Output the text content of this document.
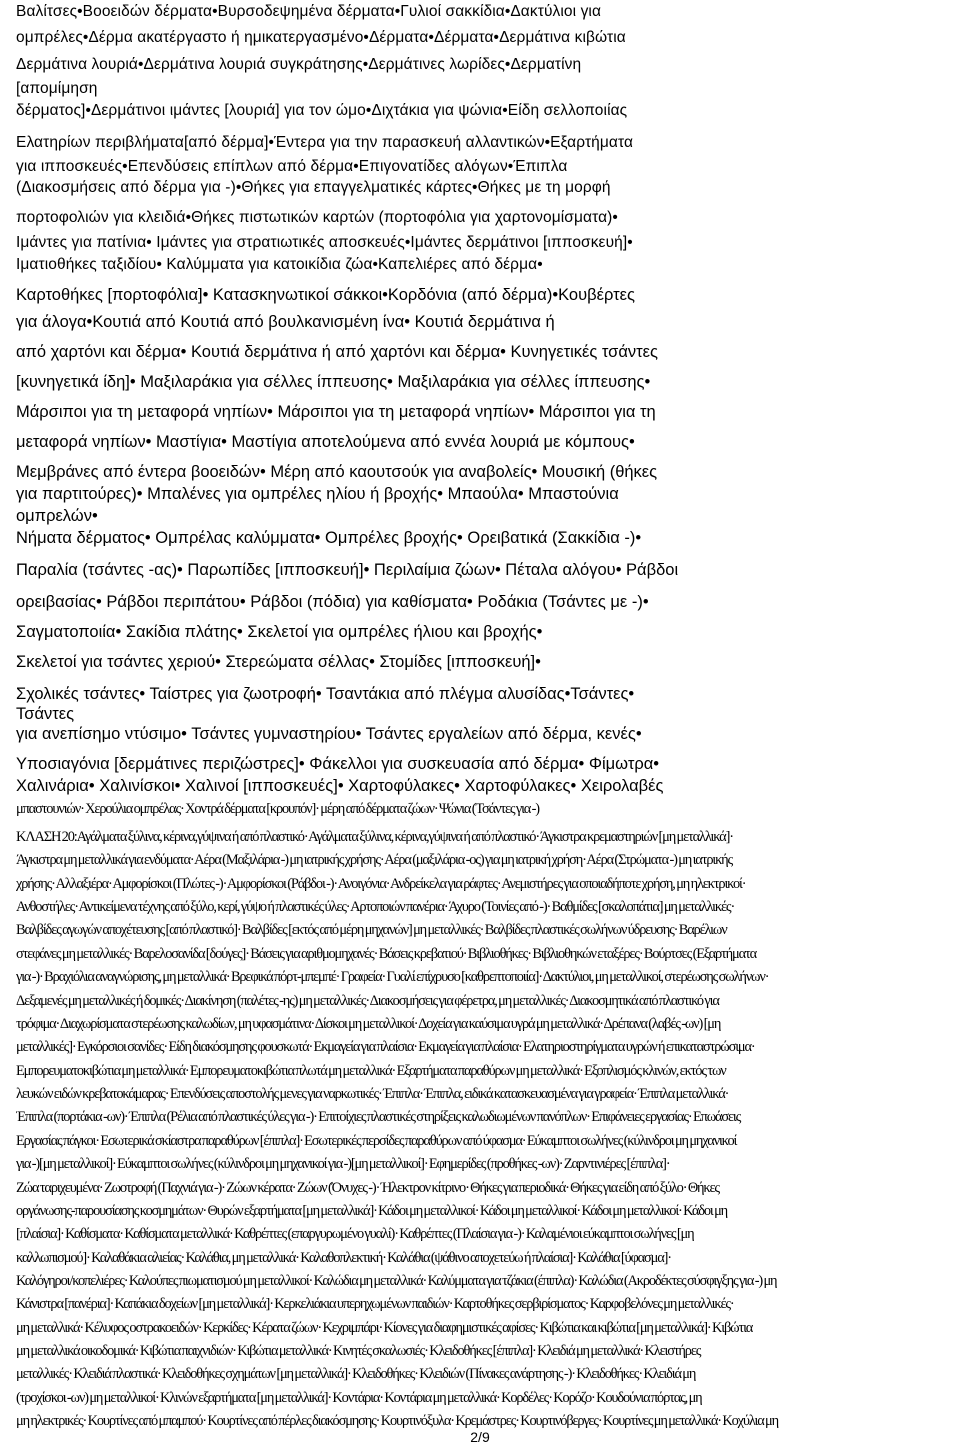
Βαλίτσες•Βοοειδών δέρματα•Βυρσοδεψημένα δέρματα•Γυλιοί σακκίδια•Δακτύλιοι για

ομπρέλες•Δέρμα ακατέργαστο ή ημικατεργασμένο•Δέρματα•Δέρματα•Δερμάτινα κιβώτια

Δερμάτινα λουριά•Δερμάτινα λουριά συγκράτησης•Δερμάτινες λωρίδες•Δερματίνη

[απομίμηση

δέρματος]•Δερμάτινοι ιμάντες [λουριά] για τον ώμο•Διχτάκια για ψώνια•Είδη σελλοποιίας

Ελατηρίων περιβλήματα[από δέρμα]•Έντερα για την παρασκευή αλλαντικών•Εξαρτήματα

για ιπποσκευές•Επενδύσεις επίπλων από δέρμα•Επιγονατίδες αλόγων•Έπιπλα

(Διακοσμήσεις από δέρμα για -)•Θήκες για επαγγελματικές κάρτες•Θήκες με τη μορφή

πορτοφολιών για κλειδιά•Θήκες πιστωτικών καρτών (πορτοφόλια για χαρτονομίσματα)•

Ιμάντες για πατίνια• Ιμάντες για στρατιωτικές αποσκευές•Ιμάντες δερμάτινοι [ιπποσκευή]•

Ιματιοθήκες ταξιδίου• Καλύμματα για κατοικίδια ζώα•Καπελιέρες από δέρμα•

Καρτοθήκες [πορτοφόλια]• Κατασκηνωτικοί σάκκοι•Κορδόνια (από δέρμα)•Κουβέρτες

για άλογα•Κουτιά από Κουτιά από βουλκανισμένη ίνα• Κουτιά δερμάτινα ή

από χαρτόνι και δέρμα• Κουτιά δερμάτινα ή από χαρτόνι και δέρμα• Κυνηγετικές τσάντες

[κυνηγετικά ίδη]• Μαξιλαράκια για σέλλες ίππευσης• Μαξιλαράκια για σέλλες ίππευσης•

Μάρσιποι για τη μεταφορά νηπίων• Μάρσιποι για τη μεταφορά νηπίων• Μάρσιποι για τη

μεταφορά νηπίων• Μαστίγια• Μαστίγια αποτελούμενα από εννέα λουριά με κόμπους•

Μεμβράνες από έντερα βοοειδών• Μέρη από καουτσούκ για αναβολείς• Μουσική (θήκες

για παρτιτούρες)• Μπαλένες για ομπρέλες ηλίου ή βροχής• Μπαούλα• Μπαστούνια

ομπρελών•

Νήματα δέρματος• Ομπρέλας καλύμματα• Ομπρέλες βροχής• Ορειβατικά (Σακκίδια -)•

Παραλία (τσάντες -ας)• Παρωπίδες [ιπποσκευή]• Περιλαίμια ζώων• Πέταλα αλόγου• Ράβδοι

ορειβασίας• Ράβδοι περιπάτου• Ράβδοι (πόδια) για καθίσματα• Ροδάκια (Τσάντες με -)•

Σαγματοποιία• Σακίδια πλάτης• Σκελετοί για ομπρέλες ήλιου και βροχής•

Σκελετοί για τσάντες χεριού• Στερεώματα σέλλας• Στομίδες [ιπποσκευή]•

Σχολικές τσάντες• Ταίστρες για ζωοτροφή• Τσαντάκια από πλέγμα αλυσίδας•Τσάντες•

Τσάντες

για ανεπίσημο ντύσιμο• Τσάντες γυμναστηρίου• Τσάντες εργαλείων από δέρμα, κενές•

Υποσιαγόνια [δερμάτινες περιζώστρες]• Φάκελλοι για συσκευασία από δέρμα• Φίμωτρα•

Χαλινάρια• Χαλινίσκοι• Χαλινοί [ιπποσκευές]• Χαρτοφύλακες• Χαρτοφύλακες• Χειρολαβές

μπαστουνιών· Χερούλια ομπρέλας· Χοντρά δέρματα [κρουπόν]· μέρη από δέρματα ζώων· Ψώνια (Τσάντες για -)

ΚΛΑΣΗ 20:Αγάλματα ξύλινα, κέρινα,γύψινα ή από πλαστικό· Αγάλματα ξύλινα, κέρινα,γύψινα ή από πλαστικό· Άγκιστρα κρεμαστηριών [μη μεταλλικά]·

Άγκιστρα μη μεταλλικά για ενδύματα· Αέρα (Μαξιλάρια -) μη ιατρικής χρήσης· Αέρα (μαξιλάρια -ος) για μη ιατρική χρήση· Αέρα (Στρώματα -) μη ιατρικής

χρήσης· Αλλαξιέρα· Αμφορίσκοι (Πλώτες -)· Αμφορίσκοι (Ράβδοι -)· Ανοιγόνια· Ανδρείκελα για ράφτες· Ανεμιστήρες για οποιαδήποτε χρήση, μη ηλεκτρικοί·

Ανθοστήλες· Αντικείμενα τέχνης από ξύλο, κερί, γύψο ή πλαστικές ύλες· Αρτοποιών πανέρια· Άχυρο (Τοινίες από -)· Βαθμίδες [σκαλοπάτια] μη μεταλλικές·

Βαλβίδες αγωγών αποχέτευσης [από πλαστικό]· Βαλβίδες [εκτός από μέρη μηχανών] μη μεταλλικές· Βαλβίδες πλαστικές σωλήνων ύδρευσης· Βαρέλιων

στεφάνες μη μεταλλικές· Βαρελοσανίδα [δούγες]· Βάσεις για αριθμομηχανές· Βάσεις κρεβατιού· Βιβλιοθήκες· Βιβλιοθηκών εταξέρες· Βούρτσες (Εξαρτήματα

για -)· Βραχιόλια αναγνώρισης, μη μεταλλικά· Βρεφικά πόρτ-μπεμπέ· Γραφεία· Γυαλί επίχρυσο [καθρεπτοποιία]· Δακτύλιοι, μη μεταλλικοί, στερέωσης σωλήνων·

Δεξαμενές μη μεταλλικές ή δομικές· Διακίνηση (παλέτες -ης) μη μεταλλικές· Διακοσμήσεις για φέρετρα, μη μεταλλικές· Διακοσμητικά από πλαστικό για

τρόφιμα· Διαχωρίσματα στερέωσης καλωδίων, μη υφασμάτινα· Δίσκοι μη μεταλλικοί· Δοχεία για καύσιμα υγρά μη μεταλλικά· Δρέπανα (λαβές -ων) [μη

μεταλλικές]· Εγκόρσιοι σανίδες· Είδη διακόσμησης φουσκωτά· Εκμαγεία για πλαίσια· Εκμαγεία για πλαίσια· Ελατηριοστηρίγματα υγρών ή επικαταστρώσιμα·

Εμπορευματοκιβώτια μη μεταλλικά· Εμπορευματοκιβώτια πλωτά μη μεταλλικά· Εξαρτήματα παραθύρων μη μεταλλικά· Εξοπλισμός κλινών, εκτός των

λευκών ειδών κρεβατοκάμαρας· Επενδύσεις αποστολής μενες για ναρκωτικές· Έπιπλα· Έπιπλα, ειδικά κατασκευασμένα για γραφεία· Έπιπλα μεταλλικά·

Έπιπλα (πορτάκια -ων)· Έπιπλα (Ρέλια από πλαστικές ύλες για -)· Επιτοίχιες πλαστικές στηρίξεις καλωδιωμένων πανόπλων· Επιφάνειες εργασίας· Επωάσεις

Εργασίας πάγκοι· Εσωτερικά σκίαστρα παραθύρων [έπιπλα]· Εσωτερικές περσίδες παραθύρων από ύφασμα· Εύκαμπτοι σωλήνες (κύλινδροι μη μηχανικοί

για -)[μη μεταλλικοί]· Εύκαμπτοι σωλήνες (κύλινδροι μη μηχανικοί για -)[μη μεταλλικοί]· Εφημερίδες (προθήκες -ων)· Ζαρντινιέρες [έπιπλα]·

Ζώα ταριχευμένα· Ζωοτροφή (Παχνιά για -)· Ζώων κέρατα· Ζώων (Όνυχες -)· Ήλεκτρον κίτρινο· Θήκες για περιοδικά· Θήκες για είδη από ξύλο· Θήκες

οργάνωσης-παρουσίασης κοσμημάτων· Θυρών εξαρτήματα [μη μεταλλικά]· Κάδοι μη μεταλλικοί· Κάδοι μη μεταλλικοί· Κάδοι μη μεταλλικοί· Κάδοι μη

[πλαίσια]· Καθίσματα· Καθίσματα μεταλλικά· Καθρέπτες (επαργυρωμένο γυαλί)· Καθρέπτες (Πλαίσια για -)· Καλαμένιοι εύκαμπτοι σωλήνες [μη

καλλωπισμού]· Καλαθάκια αλιείας· Καλάθια, μη μεταλλικά· Καλαθοπλεκτική· Καλάθια (ψάθινο αποχετεύω ή πλαίσια]· Καλάθια [ύφασμα]·

Καλόγηροι/κοπελιέρες· Καλούπες πιωματισμού μη μεταλλικοί· Καλώδια μη μεταλλικά· Καλύμματα για τζάκια (έπιπλα)· Καλώδια (Ακροδέκτες σύσφιγξης για -) μη

Κάνιστρα [πανέρια]· Καπάκια δοχείων [μη μεταλλικά]· Κερκελιάκια υπερηχωμένων παιδιών· Καρτοθήκες σερβιρίσματος· Καρφοβελόνες μη μεταλλικές·

μη μεταλλικά· Κέλυφος οστρακοειδών· Κερκίδες· Κέρατα ζώων· Κεχριμπάρι· Κίονες για διαφημιστικές αφίσες· Κιβώτια και κιβώτια [μη μεταλλικά]· Κιβώτια

μη μεταλλικά οικοδομικά· Κιβώτια παιχνιδιών· Κιβώτια μεταλλικά· Κινητές σκαλωσιές· Κλειδοθήκες [έπιπλα]· Κλειδιά μη μεταλλικά· Κλειστήρες

μεταλλικές· Κλειδιά πλαστικά· Κλειδοθήκες σχημάτων [μη μεταλλικά]· Κλειδοθήκες· Κλειδιών (Πίνακες ανάρτησης -)· Κλειδοθήκες· Κλειδιά μη

(τροχίσκοι -ων) μη μεταλλικοί· Κλινών εξαρτήματα [μη μεταλλικά]· Κοντάρια· Κοντάρια μη μεταλλικά· Κορδέλες· Κορόζο· Κουδούνια πόρτας, μη

μη ηλεκτρικές· Κουρτίνες από μπαμπού· Κουρτίνες από πέρλες διακόσμησης· Κουρτινόξυλα· Κρεμάστρες· Κουρτινόβεργες· Κουρτίνες μη μεταλλικά· Κοχύλια μη

2/9
